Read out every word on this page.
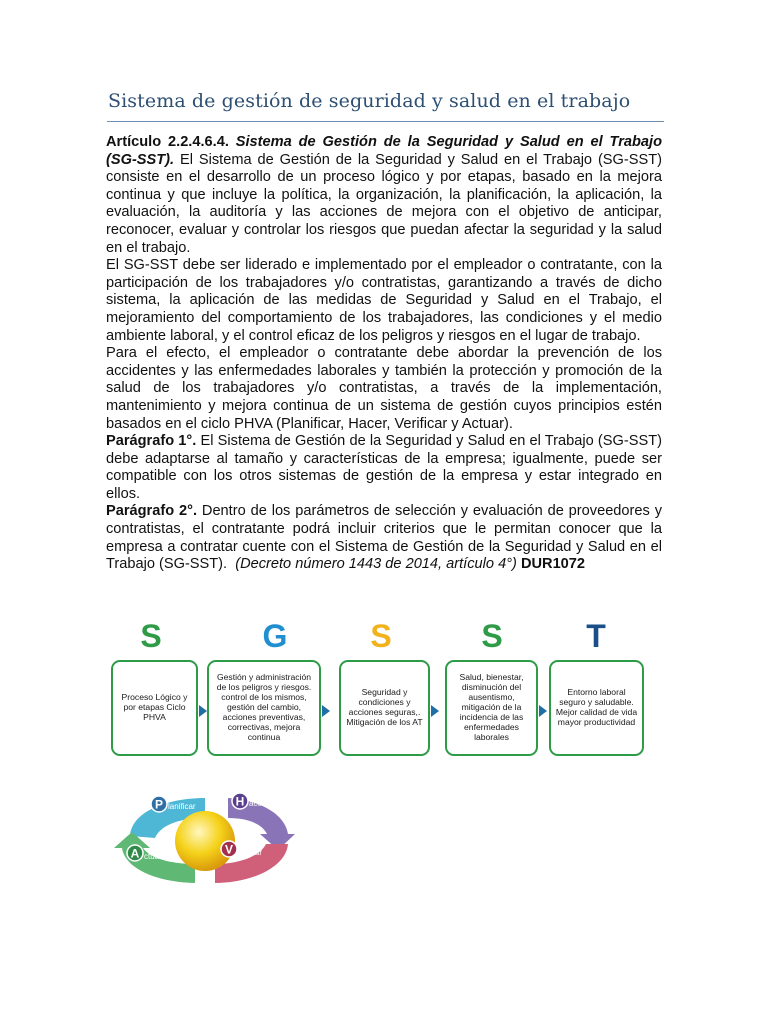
Sistema de gestión de seguridad y salud en el trabajo

Artículo 2.2.4.6.4. Sistema de Gestión de la Seguridad y Salud en el Trabajo (SG-SST). El Sistema de Gestión de la Seguridad y Salud en el Trabajo (SG-SST) consiste en el desarrollo de un proceso lógico y por etapas, basado en la mejora continua y que incluye la política, la organización, la planificación, la aplicación, la evaluación, la auditoría y las acciones de mejora con el objetivo de anticipar, reconocer, evaluar y controlar los riesgos que puedan afectar la seguridad y la salud en el trabajo.

El SG-SST debe ser liderado e implementado por el empleador o contratante, con la participación de los trabajadores y/o contratistas, garantizando a través de dicho sistema, la aplicación de las medidas de Seguridad y Salud en el Trabajo, el mejoramiento del comportamiento de los trabajadores, las condiciones y el medio ambiente laboral, y el control eficaz de los peligros y riesgos en el lugar de trabajo.

Para el efecto, el empleador o contratante debe abordar la prevención de los accidentes y las enfermedades laborales y también la protección y promoción de la salud de los trabajadores y/o contratistas, a través de la implementación, mantenimiento y mejora continua de un sistema de gestión cuyos principios estén basados en el ciclo PHVA (Planificar, Hacer, Verificar y Actuar).

Parágrafo 1°. El Sistema de Gestión de la Seguridad y Salud en el Trabajo (SG-SST) debe adaptarse al tamaño y características de la empresa; igualmente, puede ser compatible con los otros sistemas de gestión de la empresa y estar integrado en ellos.

Parágrafo 2°. Dentro de los parámetros de selección y evaluación de proveedores y contratistas, el contratante podrá incluir criterios que le permitan conocer que la empresa a contratar cuente con el Sistema de Gestión de la Seguridad y Salud en el Trabajo (SG-SST). (Decreto número 1443 de 2014, artículo 4°) DUR1072

S	G	S	S	T
Proceso Lógico y por etapas Ciclo PHVA
Gestión y administración de los peligros y riesgos. control de los mismos, gestión del cambio, acciones preventivas, correctivas, mejora continua
Seguridad y condiciones y acciones seguras,. Mitigación de los AT
Salud, bienestar, disminución del ausentismo, mitigación de la incidencia de las enfermedades laborales
Entorno laboral seguro y saludable. Mejor calidad de vida mayor productividad
P lanificar	H acer
V erificar
A ctuar
